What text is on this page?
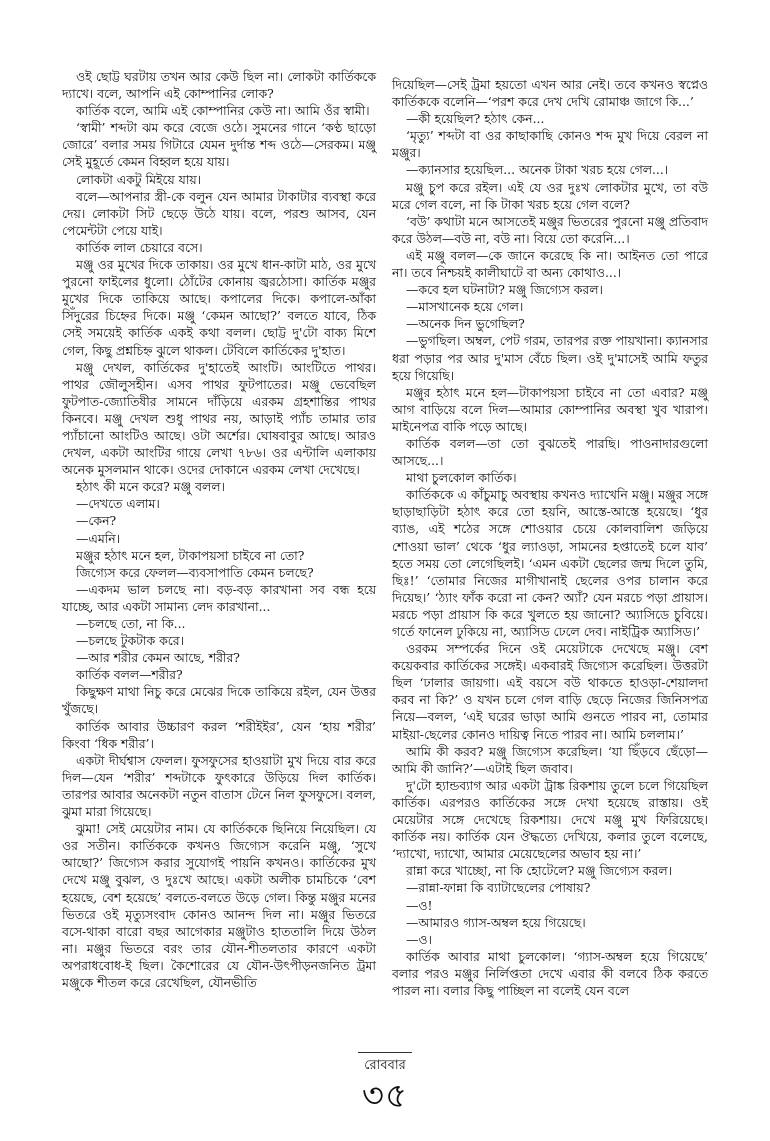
ওই ছোট্ট ঘরটায় তখন আর কেউ ছিল না। লোকটা কার্তিককে দ্যাখে। বলে, আপনি এই কোম্পানির লোক?

কার্তিক বলে, আমি এই কোম্পানির কেউ না। আমি ওঁর স্বামী।

‘স্বামী’ শব্দটা ঝম করে বেজে ওঠে। সুমনের গানে ‘কণ্ঠ ছাড়ো জোরে’ বলার সময় গিটারে যেমন দুর্দান্ত শব্দ ওঠে—সেরকম। মঞ্জু সেই মুহূর্তে কেমন বিহ্বল হয়ে যায়।

লোকটা একটু মিইয়ে যায়।

বলে—আপনার স্ত্রী-কে বলুন যেন আমার টাকাটার ব্যবস্থা করে দেয়। লোকটা সিট ছেড়ে উঠে যায়। বলে, পরশু আসব, যেন পেমেন্টটা পেয়ে যাই।

কার্তিক লাল চেয়ারে বসে।

মঞ্জু ওর মুখের দিকে তাকায়। ওর মুখে ধান-কাটা মাঠ, ওর মুখে পুরনো ফাইলের ধুলো। ঠোঁটের কোনায় জ্বরঠোসা। কার্তিক মঞ্জুর মুখের দিকে তাকিয়ে আছে। কপালের দিকে। কপালে-আঁকা সিঁদুরের চিহ্নের দিকে। মঞ্জু ‘কেমন আছো?’ বলতে যাবে, ঠিক সেই সময়েই কার্তিক একই কথা বলল। ছোট্ট দু'টো বাক্য মিশে গেল, কিছু প্রশ্নচিহ্ন ঝুলে থাকল। টেবিলে কার্তিকের দু'হাত।

মঞ্জু দেখল, কার্তিকের দু'হাতেই আংটি। আংটিতে পাথর। পাথর জৌলুসহীন। এসব পাথর ফুটপাতের। মঞ্জু ভেবেছিল ফুটপাত-জ্যোতিষীর সামনে দাঁড়িয়ে এরকম গ্রহশান্তির পাথর কিনবে। মঞ্জু দেখল শুধু পাথর নয়, আড়াই প্যাঁচ তামার তার প্যাঁচানো আংটিও আছে। ওটা অর্শের। ঘোষবাবুর আছে। আরও দেখল, একটা আংটির গায়ে লেখা ৭৮৬। ওর এন্টালি এলাকায় অনেক মুসলমান থাকে। ওদের দোকানে এরকম লেখা দেখেছে।

হঠাৎ কী মনে করে? মঞ্জু বলল।

—দেখতে এলাম।

—কেন?

—এমনি।

মঞ্জুর হঠাৎ মনে হল, টাকাপয়সা চাইবে না তো?

জিগ্যেস করে ফেলল—ব্যবসাপাতি কেমন চলছে?

—একদম ভাল চলছে না। বড়-বড় কারখানা সব বন্ধ হয়ে যাচ্ছে, আর একটা সামান্য লেদ কারখানা...

—চলছে তো, না কি...

—চলছে টুকটাক করে।

—আর শরীর কেমন আছে, শরীর?

কার্তিক বলল—শরীর?

কিছুক্ষণ মাথা নিচু করে মেঝের দিকে তাকিয়ে রইল, যেন উত্তর খুঁজছে।

কার্তিক আবার উচ্চারণ করল ‘শরীইইর’, যেন ‘হায় শরীর’ কিংবা ‘ধিক শরীর’।

একটা দীর্ঘশ্বাস ফেলল। ফুসফুসের হাওয়াটা মুখ দিয়ে বার করে দিল—যেন ‘শরীর’ শব্দটাকে ফুৎকারে উড়িয়ে দিল কার্তিক। তারপর আবার অনেকটা নতুন বাতাস টেনে নিল ফুসফুসে। বলল, ঝুমা মারা গিয়েছে।

ঝুমা! সেই মেয়েটার নাম। যে কার্তিককে ছিনিয়ে নিয়েছিল। যে ওর সতীন। কার্তিককে কখনও জিগ্যেস করেনি মঞ্জু, ‘সুখে আছো?’ জিগ্যেস করার সুযোগই পায়নি কখনও। কার্তিকের মুখ দেখে মঞ্জু বুঝল, ও দুঃখে আছে। একটা অলীক চামচিকে ‘বেশ হয়েছে, বেশ হয়েছে’ বলতে-বলতে উড়ে গেল। কিন্তু মঞ্জুর মনের ভিতরে ওই মৃত্যুসংবাদ কোনও আনন্দ দিল না। মঞ্জুর ভিতরে বসে-থাকা বারো বছর আগেকার মঞ্জুটাও হাততালি দিয়ে উঠল না। মঞ্জুর ভিতরে বরং তার যৌন-শীতলতার কারণে একটা অপরাধবোধ-ই ছিল। কৈশোরের যে যৌন-উৎপীড়নজনিত ট্রমা মঞ্জুকে শীতল করে রেখেছিল, যৌনভীতি

দিয়েছিল—সেই ট্রমা হয়তো এখন আর নেই। তবে কখনও স্বপ্নেও কার্তিককে বলেনি—‘পরশ করে দেখ দেখি রোমাঞ্চ জাগে কি...’

—কী হয়েছিল? হঠাৎ কেন...

‘মৃত্যু’ শব্দটা বা ওর কাছাকাছি কোনও শব্দ মুখ দিয়ে বেরল না মঞ্জুর।

—ক্যানসার হয়েছিল... অনেক টাকা খরচ হয়ে গেল...।

মঞ্জু চুপ করে রইল। এই যে ওর দুঃখ লোকটার মুখে, তা বউ মরে গেল বলে, না কি টাকা খরচ হয়ে গেল বলে?

‘বউ’ কথাটা মনে আসতেই মঞ্জুর ভিতরের পুরনো মঞ্জু প্রতিবাদ করে উঠল—বউ না, বউ না। বিয়ে তো করেনি...।

এই মঞ্জু বলল—কে জানে করেছে কি না। আইনত তো পারে না। তবে নিশ্চয়ই কালীঘাটে বা অন্য কোথাও...।

—কবে হল ঘটনাটা? মঞ্জু জিগ্যেস করল।

—মাসখানেক হয়ে গেল।

—অনেক দিন ভুগেছিল?

—ভুগছিল। অম্বল, পেট গরম, তারপর রক্ত পায়খানা। ক্যানসার ধরা পড়ার পর আর দু'মাস বেঁচে ছিল। ওই দু'মাসেই আমি ফতুর হয়ে গিয়েছি।

মঞ্জুর হঠাৎ মনে হল—টাকাপয়সা চাইবে না তো এবার? মঞ্জু আগ বাড়িয়ে বলে দিল—আমার কোম্পানির অবস্থা খুব খারাপ। মাইনেপত্র বাকি পড়ে আছে।

কার্তিক বলল—তা তো বুঝতেই পারছি। পাওনাদারগুলো আসছে...।

মাথা চুলকোল কার্তিক।

কার্তিককে এ কাঁচুমাচু অবস্থায় কখনও দ্যাখেনি মঞ্জু। মঞ্জুর সঙ্গে ছাড়াছাড়িটা হঠাৎ করে তো হয়নি, আস্তে-আস্তে হয়েছে। ‘ধুর ব্যাঙ, এই শঠের সঙ্গে শোওয়ার চেয়ে কোলবালিশ জড়িয়ে শোওয়া ভাল’ থেকে ‘ধুর ল্যাওড়া, সামনের হপ্তাতেই চলে যাব’ হতে সময় তো লেগেছিলই। ‘এমন একটা ছেলের জন্ম দিলে তুমি, ছিঃ!’ ‘তোমার নিজের মাগীখানাই ছেলের ওপর চালান করে দিয়েছ।’ ‘ঠ্যাং ফাঁক করো না কেন? অ্যাঁ? যেন মরচে পড়া প্রায়াস। মরচে পড়া প্রায়াস কি করে খুলতে হয় জানো? অ্যাসিডে চুবিয়ে। গর্তে ফানেল ঢুকিয়ে না, অ্যাসিড ঢেলে দেব। নাইট্রিক অ্যাসিড।’

ওরকম সম্পর্কের দিনে ওই মেয়েটাকে দেখেছে মঞ্জু। বেশ কয়েকবার কার্তিকের সঙ্গেই। একবারই জিগ্যেস করেছিল। উত্তরটা ছিল ‘ঢালার জায়গা। এই বয়সে বউ থাকতে হাওড়া-শেয়ালদা করব না কি?’ ও যখন চলে গেল বাড়ি ছেড়ে নিজের জিনিসপত্র নিয়ে—বলল, ‘এই ঘরের ভাড়া আমি গুনতে পারব না, তোমার মাইয়া-ছেলের কোনও দায়িত্ব নিতে পারব না। আমি চললাম।’

আমি কী করব? মঞ্জু জিগ্যেস করেছিল। ‘যা ছিঁড়বে ছেঁড়ো—আমি কী জানি?’—এটাই ছিল জবাব।

দু'টো হ্যান্ডব্যাগ আর একটা ট্রাঙ্ক রিকশায় তুলে চলে গিয়েছিল কার্তিক। এরপরও কার্তিকের সঙ্গে দেখা হয়েছে রাস্তায়। ওই মেয়েটার সঙ্গে দেখেছে রিকশায়। দেখে মঞ্জু মুখ ফিরিয়েছে। কার্তিক নয়। কার্তিক যেন ঔদ্ধত্যে দেখিয়ে, কলার তুলে বলেছে, ‘দ্যাখো, দ্যাখো, আমার মেয়েছেলের অভাব হয় না।’

রান্না করে খাচ্ছো, না কি হোটেলে? মঞ্জু জিগ্যেস করল।

—রান্না-ফান্না কি ব্যাটাছেলের পোষায়?

—ও!

—আমারও গ্যাস-অম্বল হয়ে গিয়েছে।

—ও।

কার্তিক আবার মাথা চুলকোল। ‘গ্যাস-অম্বল হয়ে গিয়েছে’ বলার পরও মঞ্জুর নির্লিপ্ততা দেখে এবার কী বলবে ঠিক করতে পারল না। বলার কিছু পাচ্ছিল না বলেই যেন বলে

রোববার
৩৫
